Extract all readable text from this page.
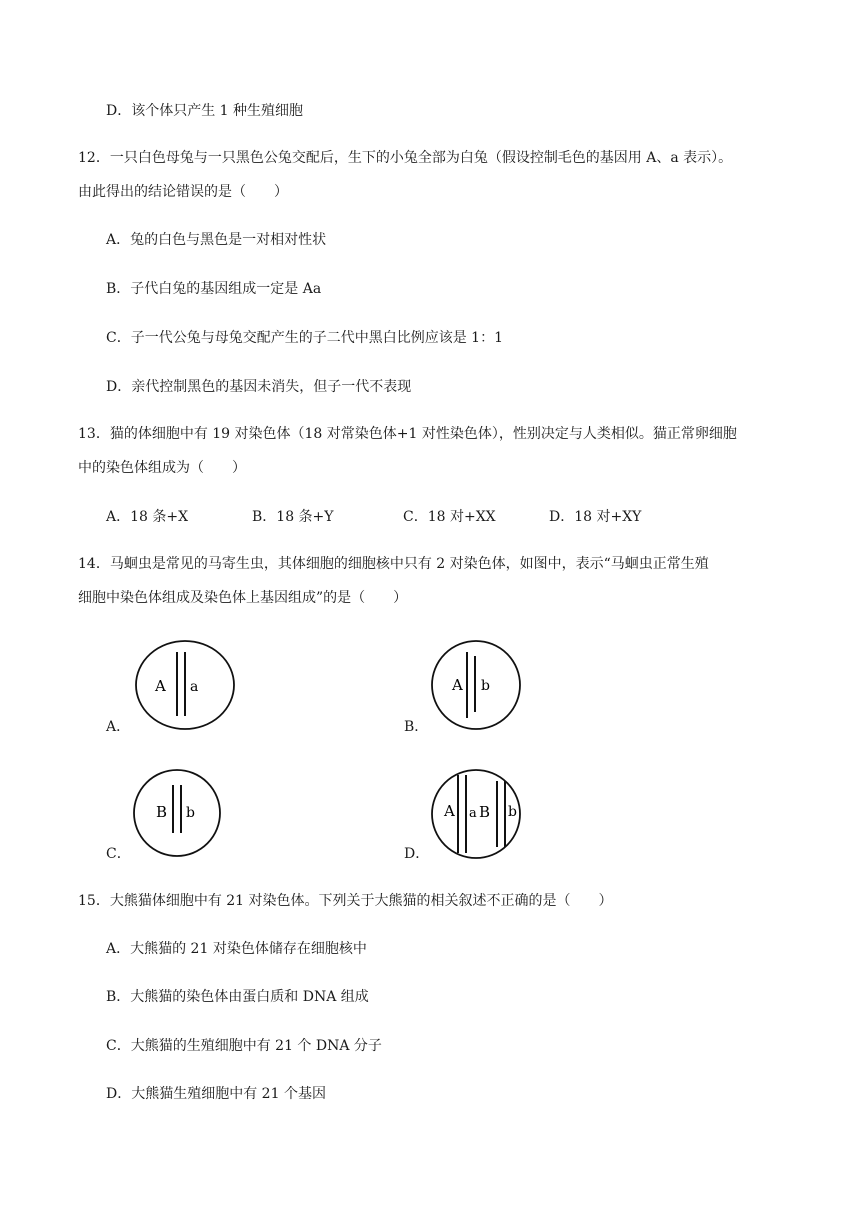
D．该个体只产生 1 种生殖细胞
12．一只白色母兔与一只黑色公兔交配后，生下的小兔全部为白兔（假设控制毛色的基因用 A、a 表示）。
由此得出的结论错误的是（　　）
A．兔的白色与黑色是一对相对性状
B．子代白兔的基因组成一定是 Aa
C．子一代公兔与母兔交配产生的子二代中黑白比例应该是 1：1
D．亲代控制黑色的基因未消失，但子一代不表现
13．猫的体细胞中有 19 对染色体（18 对常染色体+1 对性染色体），性别决定与人类相似。猫正常卵细胞
中的染色体组成为（　　）
A．18 条+X	B．18 条+Y	C．18 对+XX	D．18 对+XY
14．马蛔虫是常见的马寄生虫，其体细胞的细胞核中只有 2 对染色体，如图中，表示“马蛔虫正常生殖
细胞中染色体组成及染色体上基因组成”的是（　　）
A．
A a
B．
A b
C．
B b
D．
A a B b
15．大熊猫体细胞中有 21 对染色体。下列关于大熊猫的相关叙述不正确的是（　　）
A．大熊猫的 21 对染色体储存在细胞核中
B．大熊猫的染色体由蛋白质和 DNA 组成
C．大熊猫的生殖细胞中有 21 个 DNA 分子
D．大熊猫生殖细胞中有 21 个基因
